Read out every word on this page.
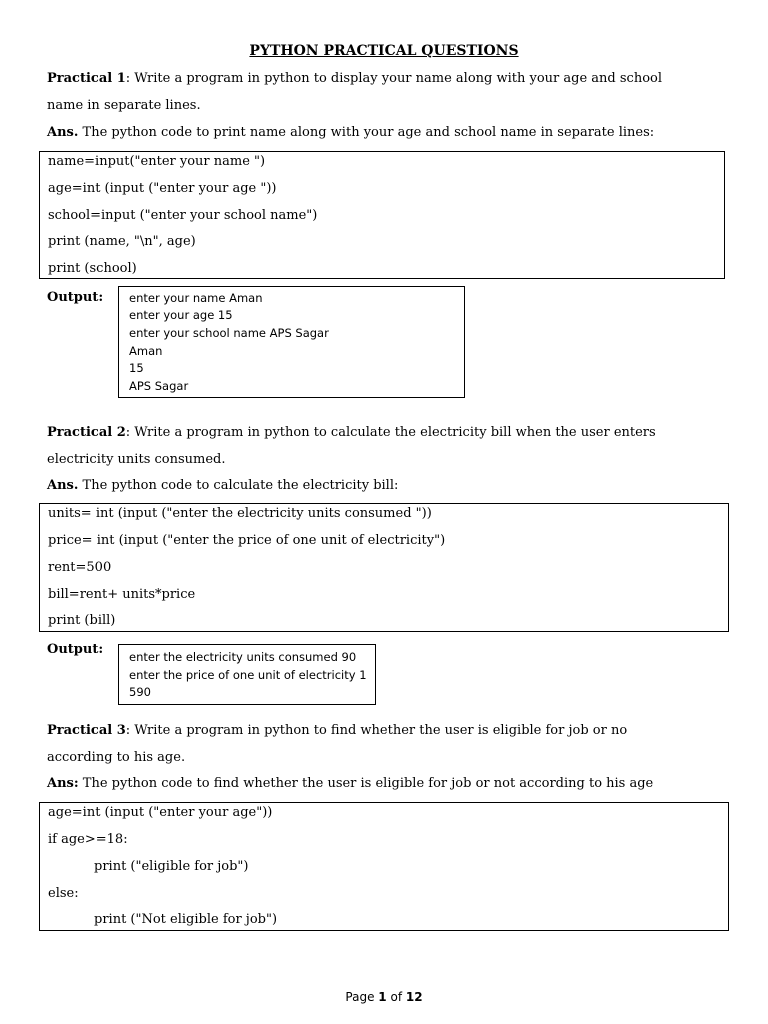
PYTHON PRACTICAL QUESTIONS
Practical 1: Write a program in python to display your name along with your age and school
name in separate lines.
Ans. The python code to print name along with your age and school name in separate lines:
name=input("enter your name ")
age=int (input ("enter your age "))
school=input ("enter your school name")
print (name, "\n", age)
print (school)
Output: enter your name Aman
enter your age 15
enter your school name APS Sagar
Aman
15
APS Sagar
Practical 2: Write a program in python to calculate the electricity bill when the user enters
electricity units consumed.
Ans. The python code to calculate the electricity bill:
units= int (input ("enter the electricity units consumed "))
price= int (input ("enter the price of one unit of electricity")
rent=500
bill=rent+ units*price
print (bill)
Output: enter the electricity units consumed 90
enter the price of one unit of electricity 1
590
Practical 3: Write a program in python to find whether the user is eligible for job or no
according to his age.
Ans: The python code to find whether the user is eligible for job or not according to his age
age=int (input ("enter your age"))
if age>=18:
print ("eligible for job")
else:
print ("Not eligible for job")
Page 1 of 12
